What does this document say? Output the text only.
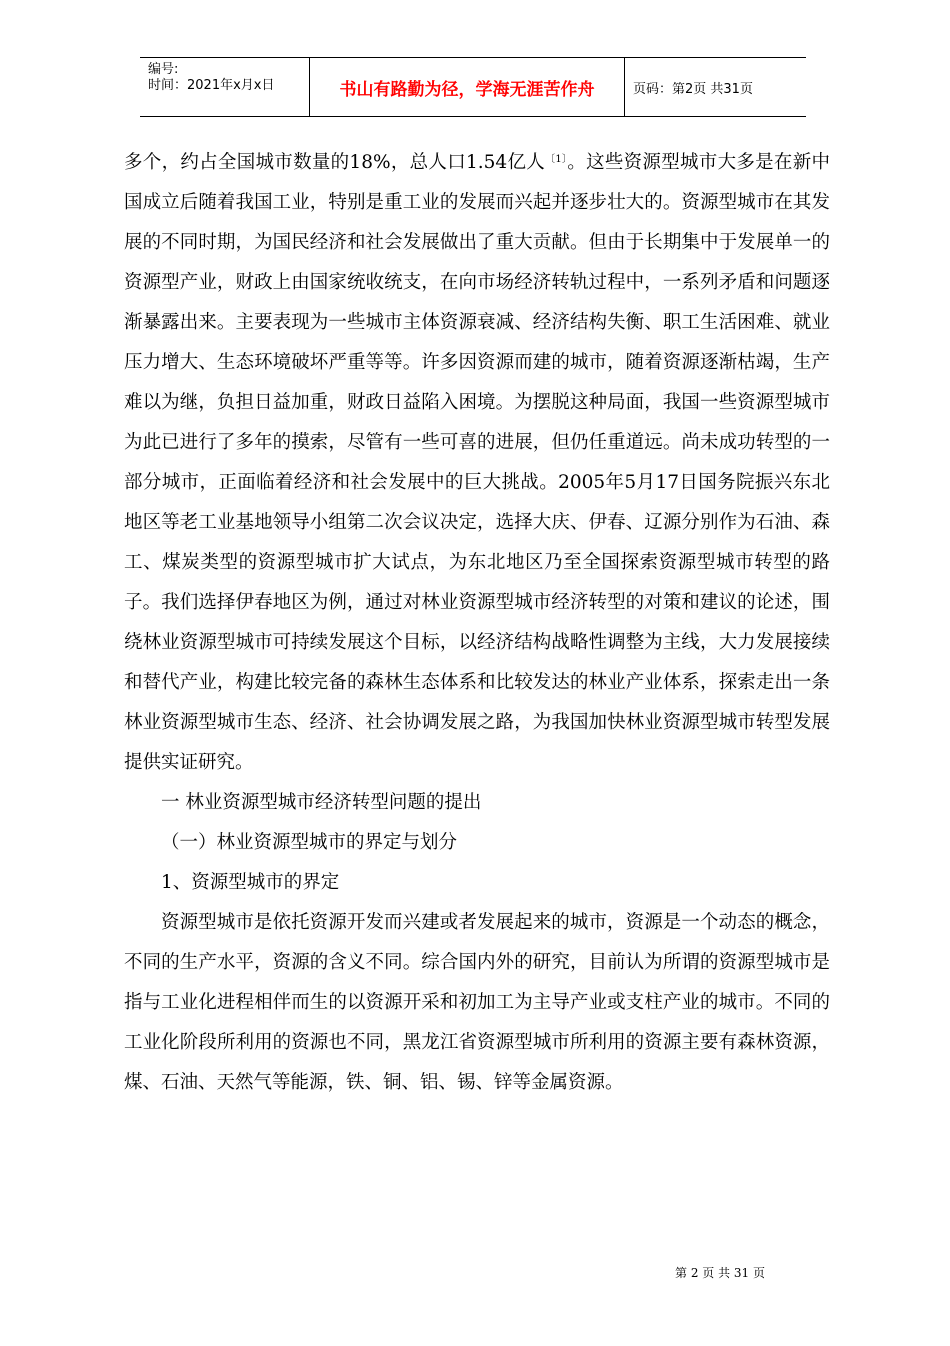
编号:
时间：2021年x月x日	书山有路勤为径，学海无涯苦作舟	页码：第2页 共31页

多个，约占全国城市数量的18%，总人口1.54亿人$^{〔1〕}$。这些资源型城市大多是在新中国成立后随着我国工业，特别是重工业的发展而兴起并逐步壮大的。资源型城市在其发展的不同时期，为国民经济和社会发展做出了重大贡献。但由于长期集中于发展单一的资源型产业，财政上由国家统收统支，在向市场经济转轨过程中，一系列矛盾和问题逐渐暴露出来。主要表现为一些城市主体资源衰减、经济结构失衡、职工生活困难、就业压力增大、生态环境破坏严重等等。许多因资源而建的城市，随着资源逐渐枯竭，生产难以为继，负担日益加重，财政日益陷入困境。为摆脱这种局面，我国一些资源型城市为此已进行了多年的摸索，尽管有一些可喜的进展，但仍任重道远。尚未成功转型的一部分城市，正面临着经济和社会发展中的巨大挑战。2005年5月17日国务院振兴东北地区等老工业基地领导小组第二次会议决定，选择大庆、伊春、辽源分别作为石油、森工、煤炭类型的资源型城市扩大试点，为东北地区乃至全国探索资源型城市转型的路子。我们选择伊春地区为例，通过对林业资源型城市经济转型的对策和建议的论述，围绕林业资源型城市可持续发展这个目标，以经济结构战略性调整为主线，大力发展接续和替代产业，构建比较完备的森林生态体系和比较发达的林业产业体系，探索走出一条林业资源型城市生态、经济、社会协调发展之路，为我国加快林业资源型城市转型发展提供实证研究。

一 林业资源型城市经济转型问题的提出

（一）林业资源型城市的界定与划分

1、资源型城市的界定

资源型城市是依托资源开发而兴建或者发展起来的城市，资源是一个动态的概念，不同的生产水平，资源的含义不同。综合国内外的研究，目前认为所谓的资源型城市是指与工业化进程相伴而生的以资源开采和初加工为主导产业或支柱产业的城市。不同的工业化阶段所利用的资源也不同，黑龙江省资源型城市所利用的资源主要有森林资源，煤、石油、天然气等能源，铁、铜、铝、锡、锌等金属资源。

第 2 页 共 31 页
